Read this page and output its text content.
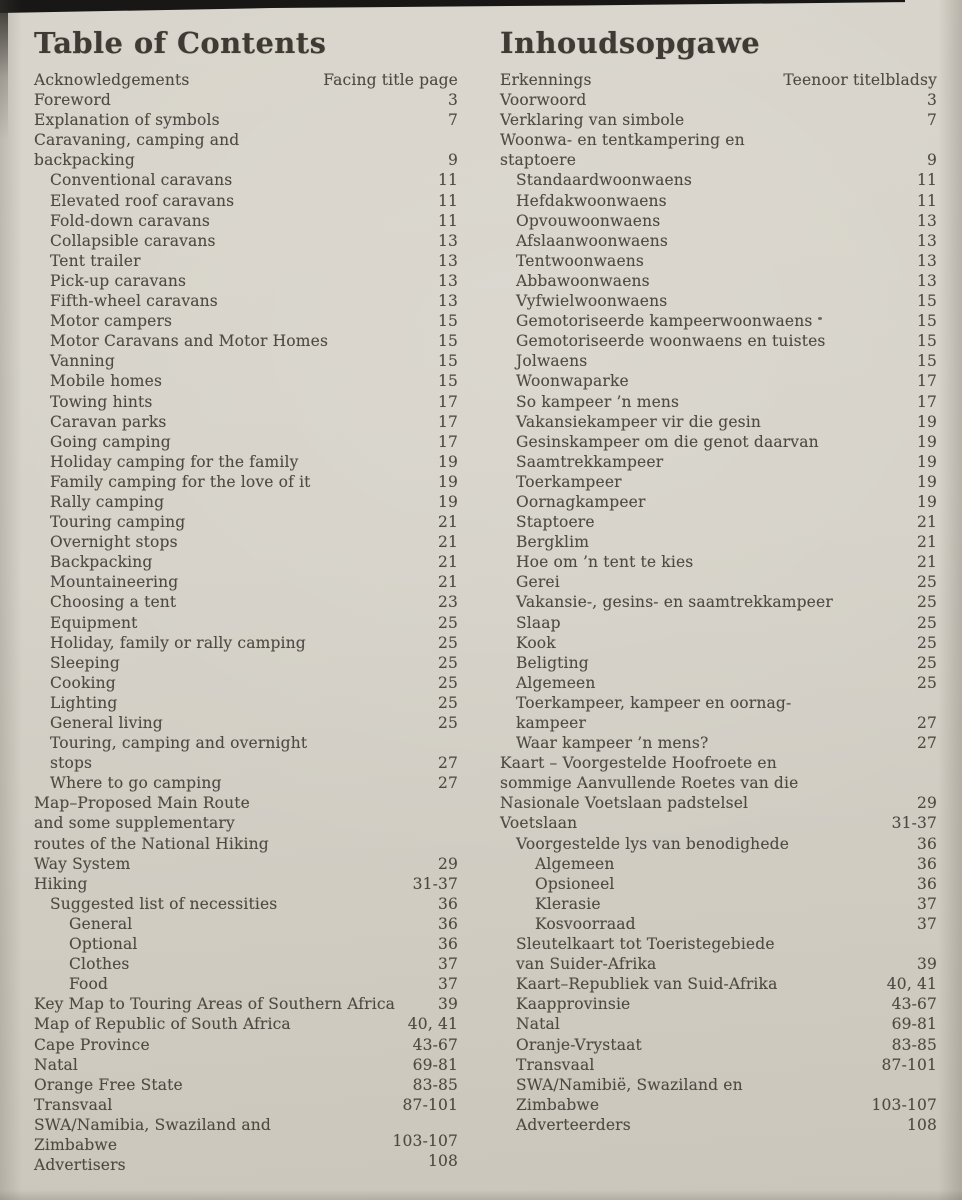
Table of Contents
Acknowledgements	Facing title page
Foreword	3
Explanation of symbols	7
Caravaning, camping and
backpacking	9
Conventional caravans	11
Elevated roof caravans	11
Fold-down caravans	11
Collapsible caravans	13
Tent trailer	13
Pick-up caravans	13
Fifth-wheel caravans	13
Motor campers	15
Motor Caravans and Motor Homes	15
Vanning	15
Mobile homes	15
Towing hints	17
Caravan parks	17
Going camping	17
Holiday camping for the family	19
Family camping for the love of it	19
Rally camping	19
Touring camping	21
Overnight stops	21
Backpacking	21
Mountaineering	21
Choosing a tent	23
Equipment	25
Holiday, family or rally camping	25
Sleeping	25
Cooking	25
Lighting	25
General living	25
Touring, camping and overnight
stops	27
Where to go camping	27
Map–Proposed Main Route
and some supplementary
routes of the National Hiking
Way System	29
Hiking	31-37
Suggested list of necessities	36
General	36
Optional	36
Clothes	37
Food	37
Key Map to Touring Areas of Southern Africa	39
Map of Republic of South Africa	40, 41
Cape Province	43-67
Natal	69-81
Orange Free State	83-85
Transvaal	87-101
SWA/Namibia, Swaziland and
Zimbabwe	103-107
Advertisers	108
Inhoudsopgawe
Erkennings	Teenoor titelbladsy
Voorwoord	3
Verklaring van simbole	7
Woonwa- en tentkampering en
staptoere	9
Standaardwoonwaens	11
Hefdakwoonwaens	11
Opvouwoonwaens	13
Afslaanwoonwaens	13
Tentwoonwaens	13
Abbawoonwaens	13
Vyfwielwoonwaens	15
Gemotoriseerde kampeerwoonwaens	15
Gemotoriseerde woonwaens en tuistes	15
Jolwaens	15
Woonwaparke	17
So kampeer ’n mens	17
Vakansiekampeer vir die gesin	19
Gesinskampeer om die genot daarvan	19
Saamtrekkampeer	19
Toerkampeer	19
Oornagkampeer	19
Staptoere	21
Bergklim	21
Hoe om ’n tent te kies	21
Gerei	25
Vakansie-, gesins- en saamtrekkampeer	25
Slaap	25
Kook	25
Beligting	25
Algemeen	25
Toerkampeer, kampeer en oornag-
kampeer	27
Waar kampeer ’n mens?	27
Kaart – Voorgestelde Hoofroete en
sommige Aanvullende Roetes van die
Nasionale Voetslaan padstelsel	29
Voetslaan	31-37
Voorgestelde lys van benodighede	36
Algemeen	36
Opsioneel	36
Klerasie	37
Kosvoorraad	37
Sleutelkaart tot Toeristegebiede
van Suider-Afrika	39
Kaart–Republiek van Suid-Afrika	40, 41
Kaapprovinsie	43-67
Natal	69-81
Oranje-Vrystaat	83-85
Transvaal	87-101
SWA/Namibië, Swaziland en
Zimbabwe	103-107
Adverteerders	108
